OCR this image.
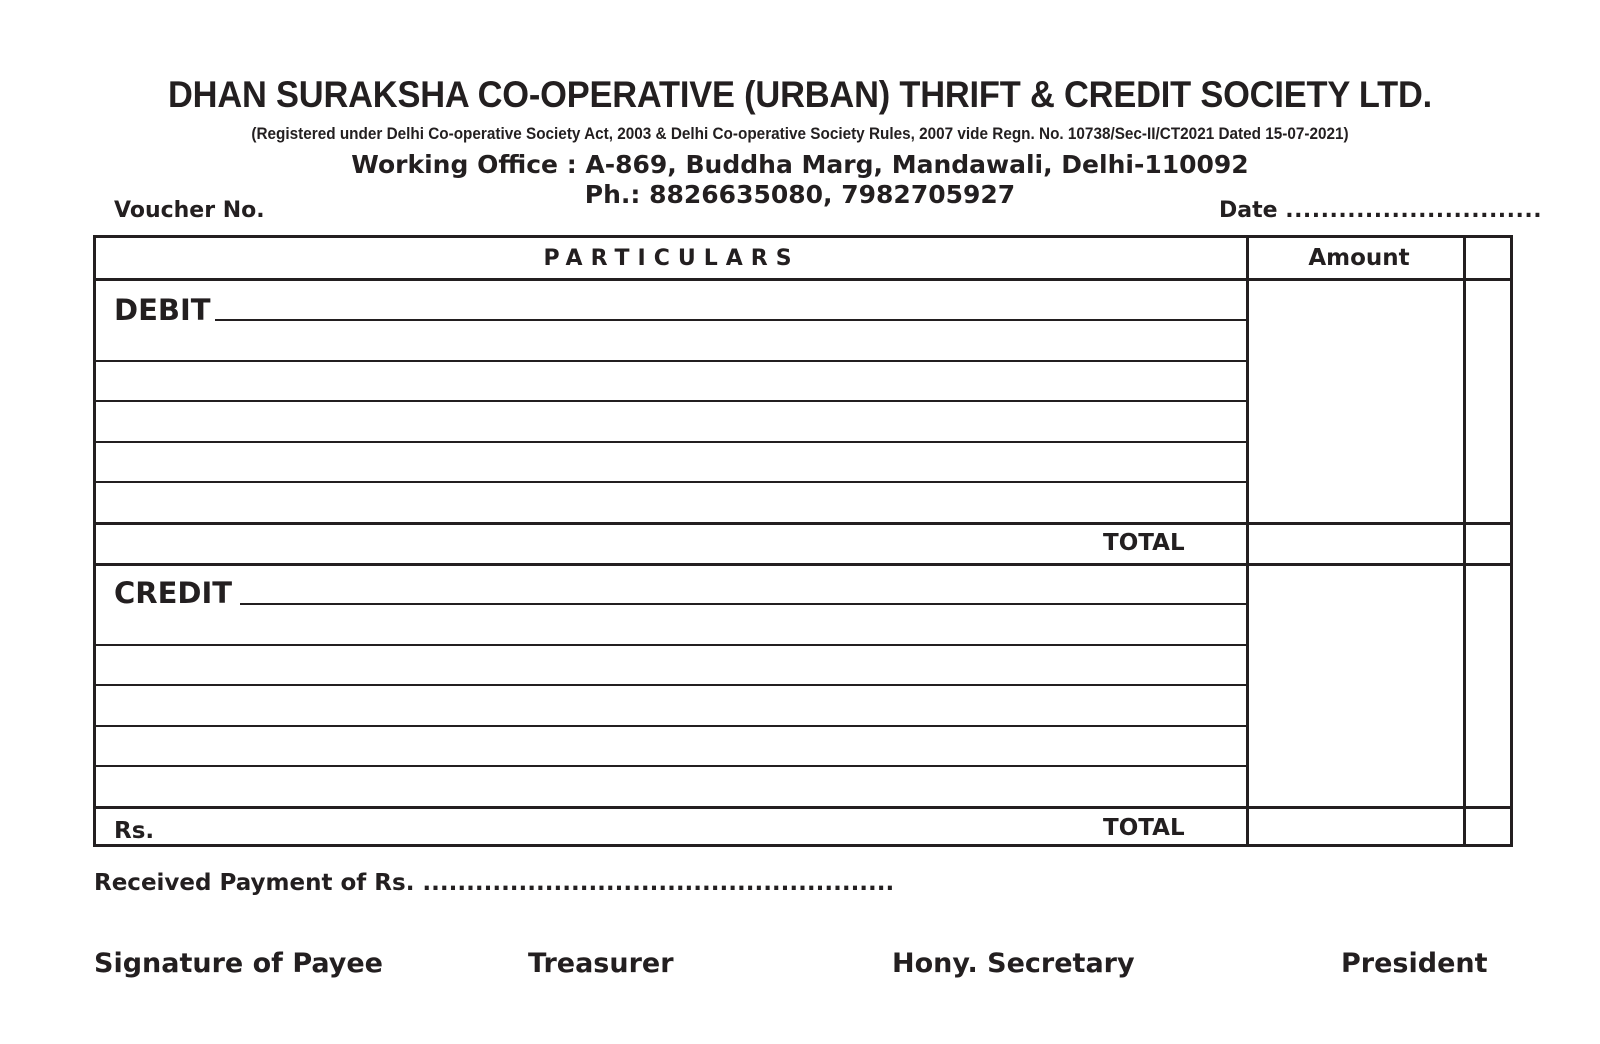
DHAN SURAKSHA CO-OPERATIVE (URBAN) THRIFT & CREDIT SOCIETY LTD.
(Registered under Delhi Co-operative Society Act, 2003 & Delhi Co-operative Society Rules, 2007 vide Regn. No. 10738/Sec-II/CT2021 Dated 15-07-2021)
Working Office : A-869, Buddha Marg, Mandawali, Delhi-110092
Ph.: 8826635080, 7982705927
Voucher No.	Date .............................
PARTICULARS	Amount
DEBIT
TOTAL
CREDIT
Rs.	TOTAL
Received Payment of Rs. ......................................................
Signature of Payee	Treasurer	Hony. Secretary	President
